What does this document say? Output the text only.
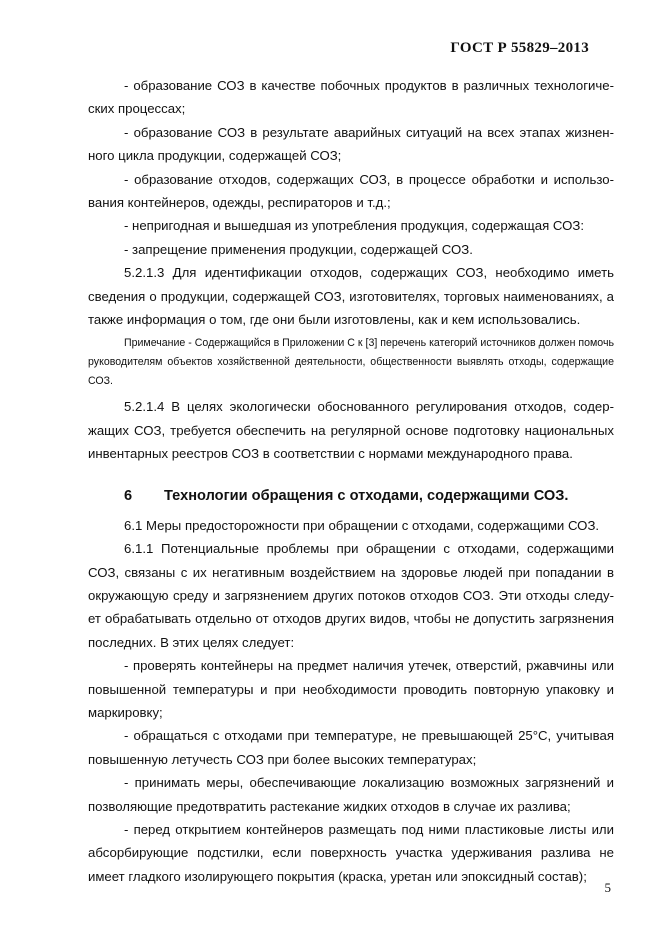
ГОСТ Р 55829–2013

- образование СОЗ в качестве побочных продуктов в различных технологических процессах;

- образование СОЗ в результате аварийных ситуаций на всех этапах жизненного цикла продукции, содержащей СОЗ;

- образование отходов, содержащих СОЗ, в процессе обработки и использования контейнеров, одежды, респираторов и т.д.;

- непригодная и вышедшая из употребления продукция, содержащая СОЗ:

- запрещение применения продукции, содержащей СОЗ.

5.2.1.3 Для идентификации отходов, содержащих СОЗ, необходимо иметь сведения о продукции, содержащей СОЗ, изготовителях, торговых наименованиях, а также информация о том, где они были изготовлены, как и кем использовались.

Примечание - Содержащийся в Приложении С к [3] перечень категорий источников должен помочь руководителям объектов хозяйственной деятельности, общественности выявлять отходы, содержащие СОЗ.

5.2.1.4 В целях экологически обоснованного регулирования отходов, содержащих СОЗ, требуется обеспечить на регулярной основе подготовку национальных инвентарных реестров СОЗ в соответствии с нормами международного права.

6 Технологии обращения с отходами, содержащими СОЗ.

6.1 Меры предосторожности при обращении с отходами, содержащими СОЗ.

6.1.1 Потенциальные проблемы при обращении с отходами, содержащими СОЗ, связаны с их негативным воздействием на здоровье людей при попадании в окружающую среду и загрязнением других потоков отходов СОЗ. Эти отходы следует обрабатывать отдельно от отходов других видов, чтобы не допустить загрязнения последних. В этих целях следует:

- проверять контейнеры на предмет наличия утечек, отверстий, ржавчины или повышенной температуры и при необходимости проводить повторную упаковку и маркировку;

- обращаться с отходами при температуре, не превышающей 25°С, учитывая повышенную летучесть СОЗ при более высоких температурах;

- принимать меры, обеспечивающие локализацию возможных загрязнений и позволяющие предотвратить растекание жидких отходов в случае их разлива;

- перед открытием контейнеров размещать под ними пластиковые листы или абсорбирующие подстилки, если поверхность участка удерживания разлива не имеет гладкого изолирующего покрытия (краска, уретан или эпоксидный состав);

5
